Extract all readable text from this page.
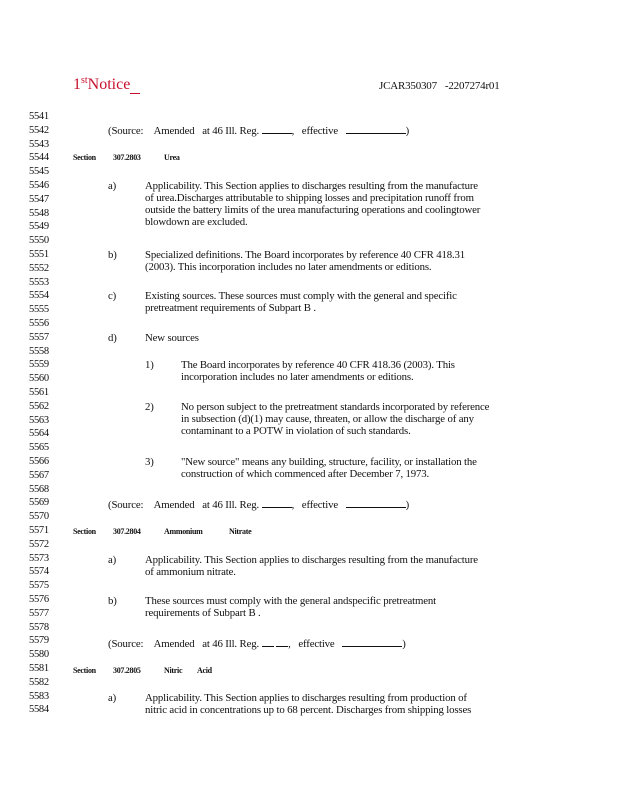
1stNotice	JCAR350307 -2207274r01
5541
5542
5543
5544
5545
5546
5547
5548
5549
5550
5551
5552
5553
5554
5555
5556
5557
5558
5559
5560
5561
5562
5563
5564
5565
5566
5567
5568
5569
5570
5571
5572
5573
5574
5575
5576
5577
5578
5579
5580
5581
5582
5583
5584
(Source: Amended at 46 Ill. Reg.	, effective	)
Section 307.2803	Urea
a)	Applicability. This Section applies to discharges resulting from the manufacture
of urea.Discharges attributable to shipping losses and precipitation runoff from
outside the battery limits of the urea manufacturing operations and coolingtower
blowdown are excluded.
b)	Specialized definitions. The Board incorporates by reference 40 CFR 418.31
(2003). This incorporation includes no later amendments or editions.
c)	Existing sources. These sources must comply with the general and specific
pretreatment requirements of Subpart B .
d)	New sources
1)	The Board incorporates by reference 40 CFR 418.36 (2003). This
incorporation includes no later amendments or editions.
2)	No person subject to the pretreatment standards incorporated by reference
in subsection (d)(1) may cause, threaten, or allow the discharge of any
contaminant to a POTW in violation of such standards.
3)	"New source" means any building, structure, facility, or installation the
construction of which commenced after December 7, 1973.
(Source: Amended at 46 Ill. Reg.	, effective	)
Section 307.2804	Ammonium	Nitrate
a)	Applicability. This Section applies to discharges resulting from the manufacture
of ammonium nitrate.
b)	These sources must comply with the general andspecific pretreatment
requirements of Subpart B .
(Source: Amended at 46 Ill. Reg.	, effective	)
Section 307.2805	Nitric Acid
a)	Applicability. This Section applies to discharges resulting from production of
nitric acid in concentrations up to 68 percent. Discharges from shipping losses
